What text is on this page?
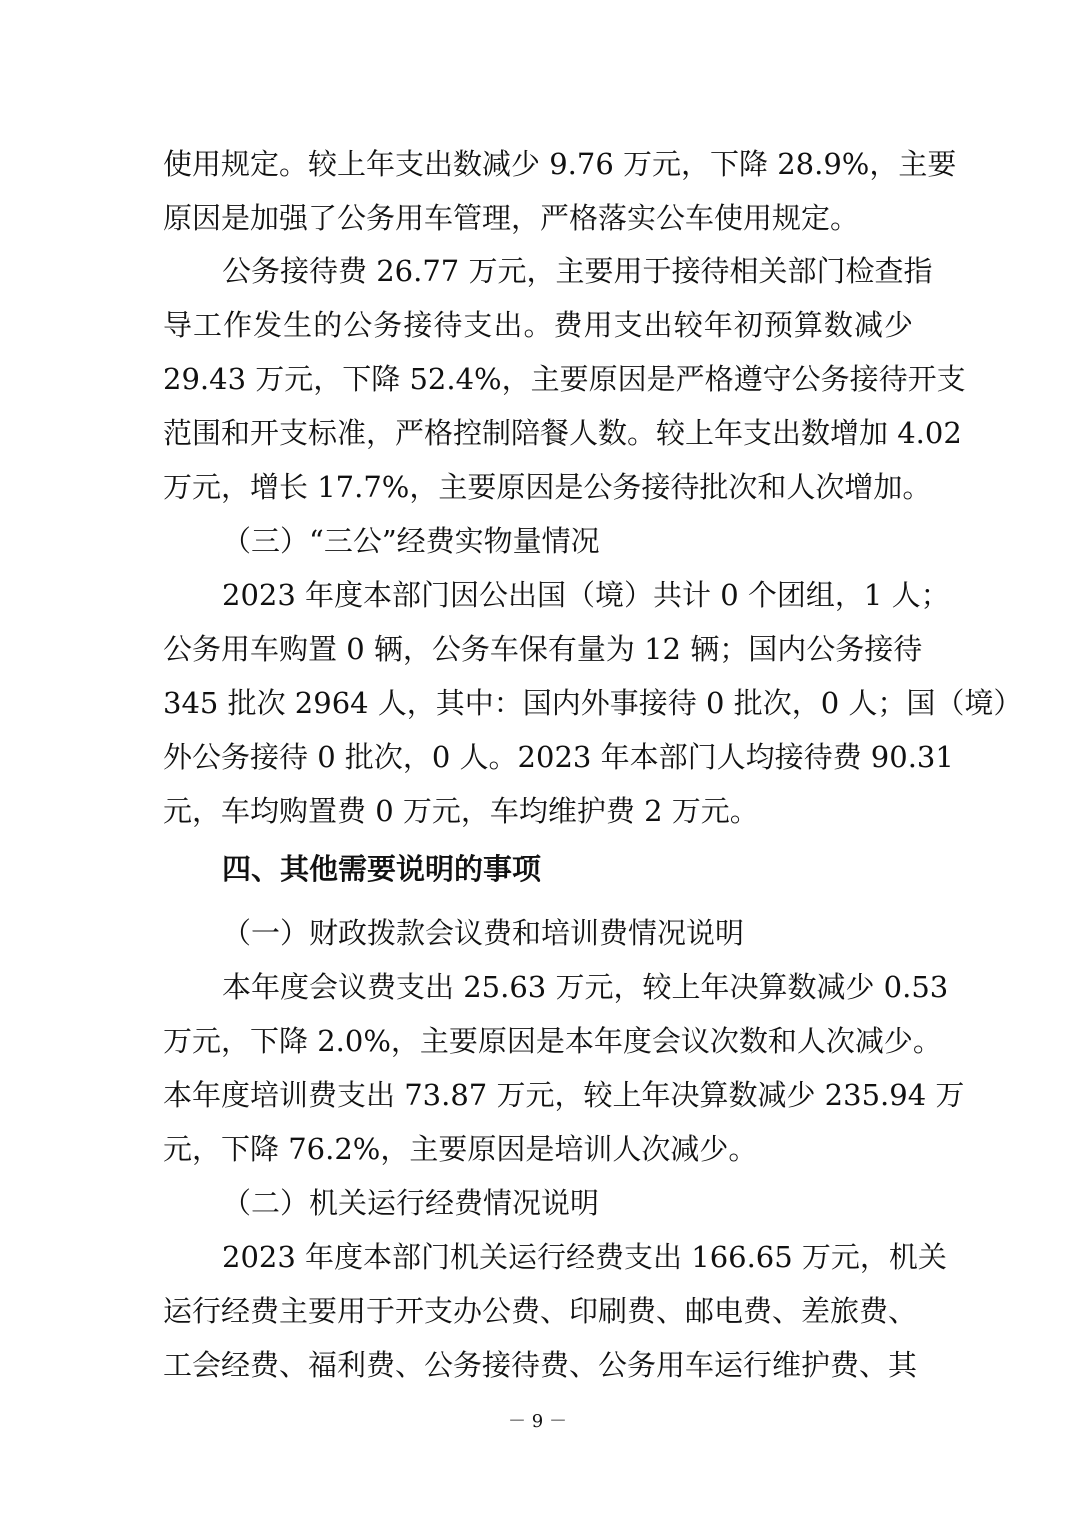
使用规定。较上年支出数减少 9.76 万元，下降 28.9%，主要
原因是加强了公务用车管理，严格落实公车使用规定。
公务接待费 26.77 万元，主要用于接待相关部门检查指
导工作发生的公务接待支出。费用支出较年初预算数减少
29.43 万元，下降 52.4%，主要原因是严格遵守公务接待开支
范围和开支标准，严格控制陪餐人数。较上年支出数增加 4.02
万元，增长 17.7%，主要原因是公务接待批次和人次增加。
（三）“三公”经费实物量情况
2023 年度本部门因公出国（境）共计 0 个团组，1 人；
公务用车购置 0 辆，公务车保有量为 12 辆；国内公务接待
345 批次 2964 人，其中：国内外事接待 0 批次，0 人；国（境）
外公务接待 0 批次，0 人。2023 年本部门人均接待费 90.31
元，车均购置费 0 万元，车均维护费 2 万元。
四、其他需要说明的事项
（一）财政拨款会议费和培训费情况说明
本年度会议费支出 25.63 万元，较上年决算数减少 0.53
万元，下降 2.0%，主要原因是本年度会议次数和人次减少。
本年度培训费支出 73.87 万元，较上年决算数减少 235.94 万
元，下降 76.2%，主要原因是培训人次减少。
（二）机关运行经费情况说明
2023 年度本部门机关运行经费支出 166.65 万元，机关
运行经费主要用于开支办公费、印刷费、邮电费、差旅费、
工会经费、福利费、公务接待费、公务用车运行维护费、其
－ 9 －
